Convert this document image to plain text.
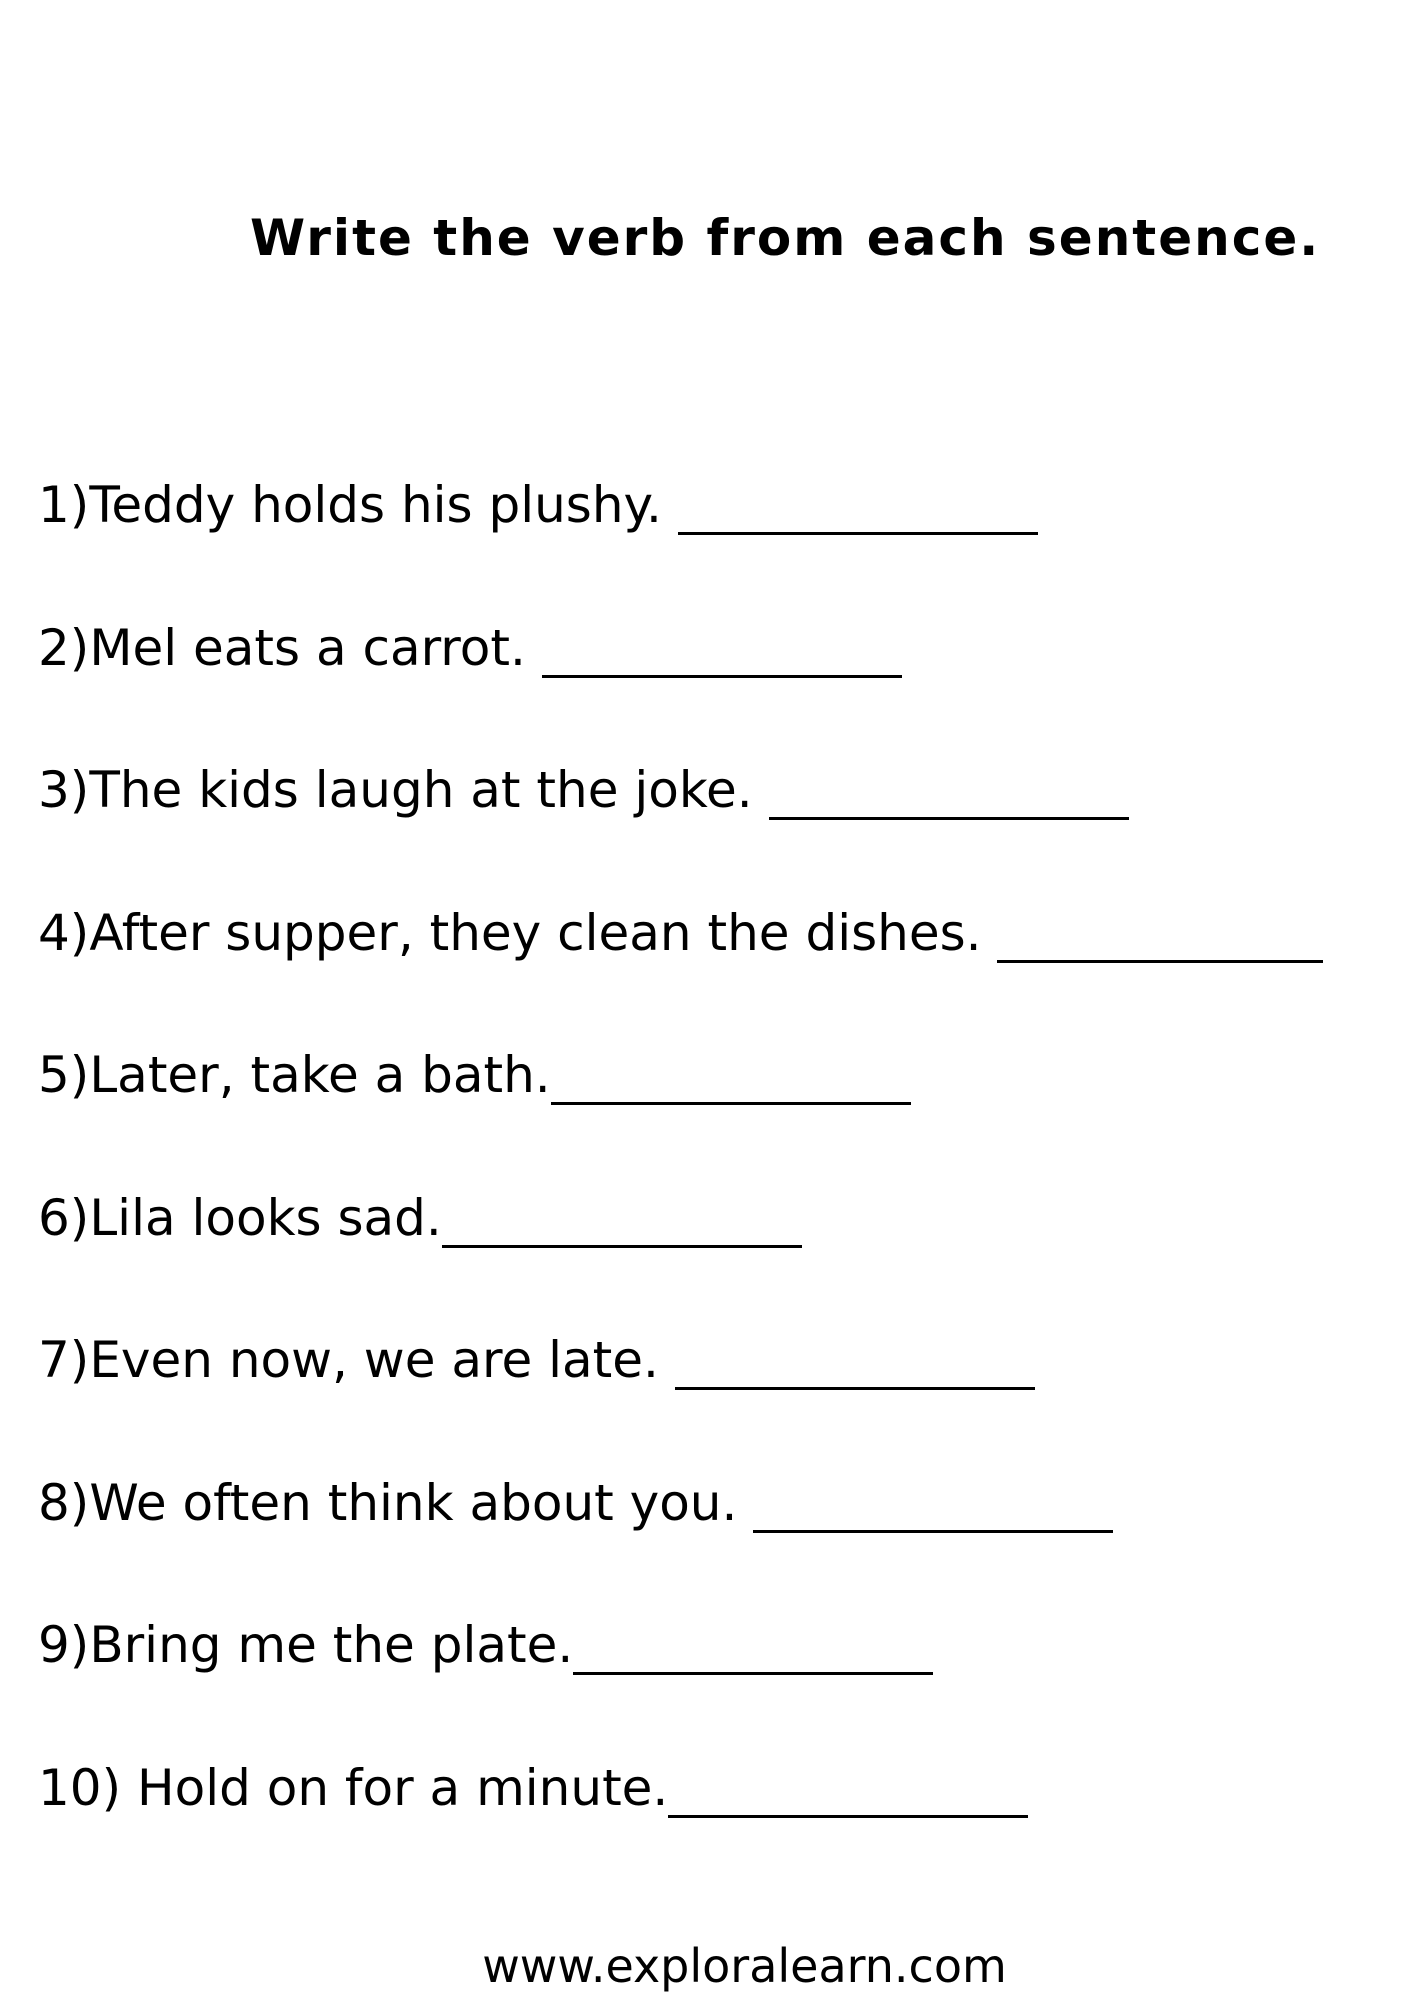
Write the verb from each sentence.
1)Teddy holds his plushy.
2)Mel eats a carrot.
3)The kids laugh at the joke.
4)After supper, they clean the dishes.
5)Later, take a bath.
6)Lila looks sad.
7)Even now, we are late.
8)We often think about you.
9)Bring me the plate.
10) Hold on for a minute.

www.exploralearn.com
